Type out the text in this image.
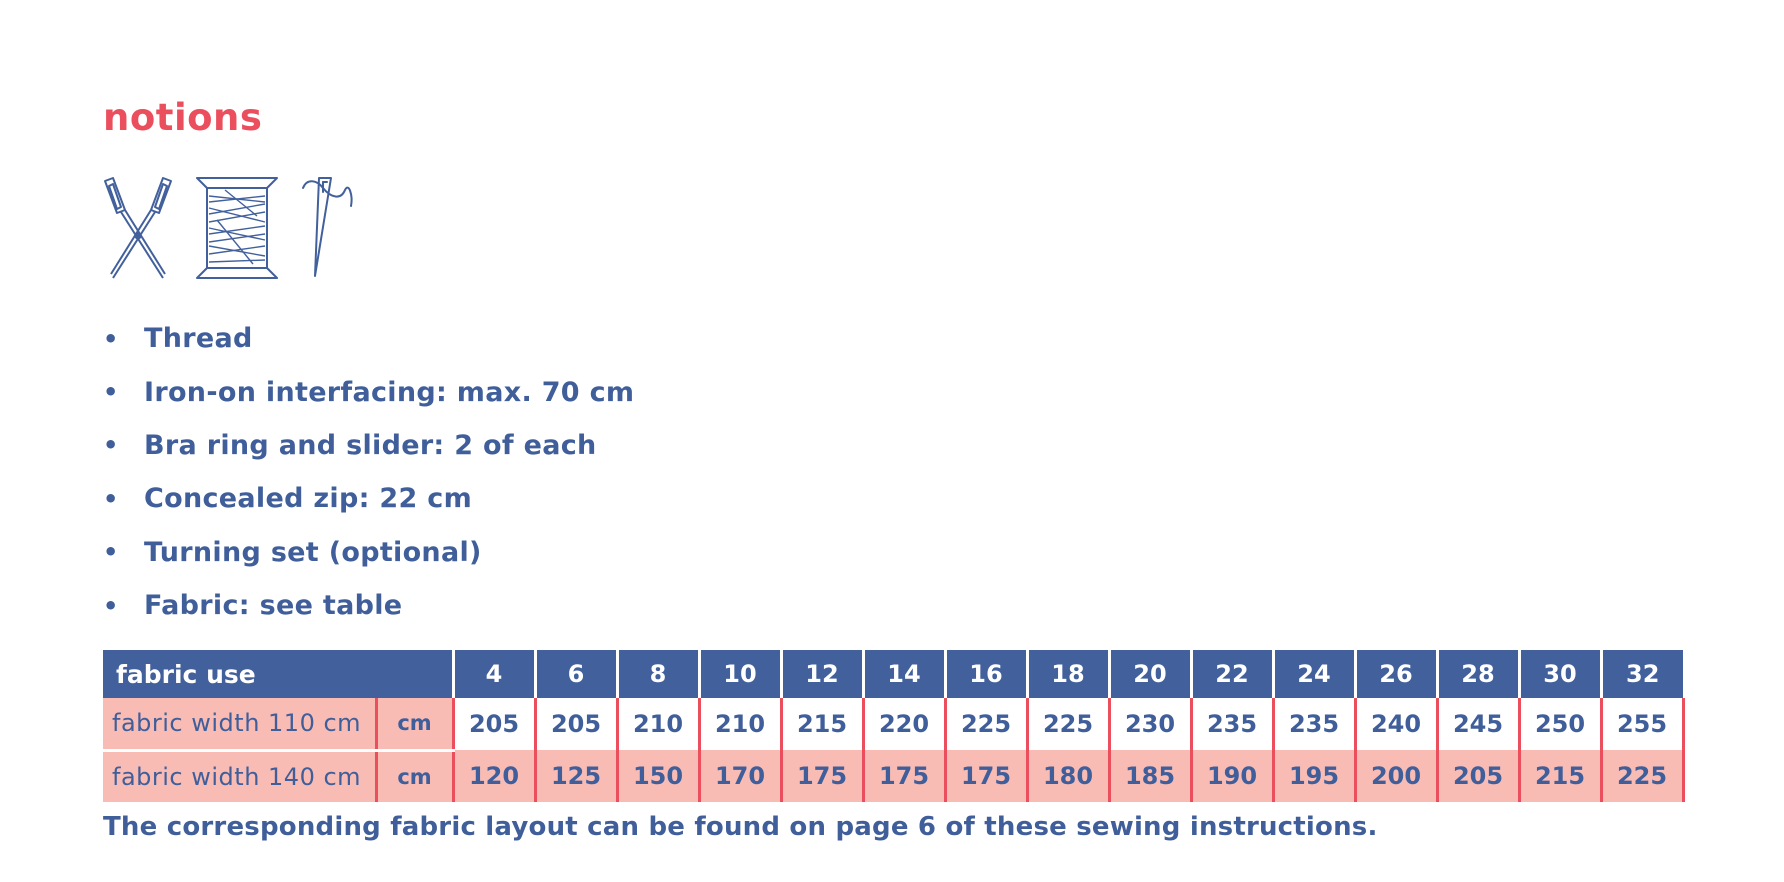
notions
• Thread
• Iron-on interfacing: max. 70 cm
• Bra ring and slider: 2 of each
• Concealed zip: 22 cm
• Turning set (optional)
• Fabric: see table
fabric use		4	6	8	10	12	14	16	18	20	22	24	26	28	30	32
fabric width 110 cm	cm	205	205	210	210	215	220	225	225	230	235	235	240	245	250	255
fabric width 140 cm	cm	120	125	150	170	175	175	175	180	185	190	195	200	205	215	225

The corresponding fabric layout can be found on page 6 of these sewing instructions.
